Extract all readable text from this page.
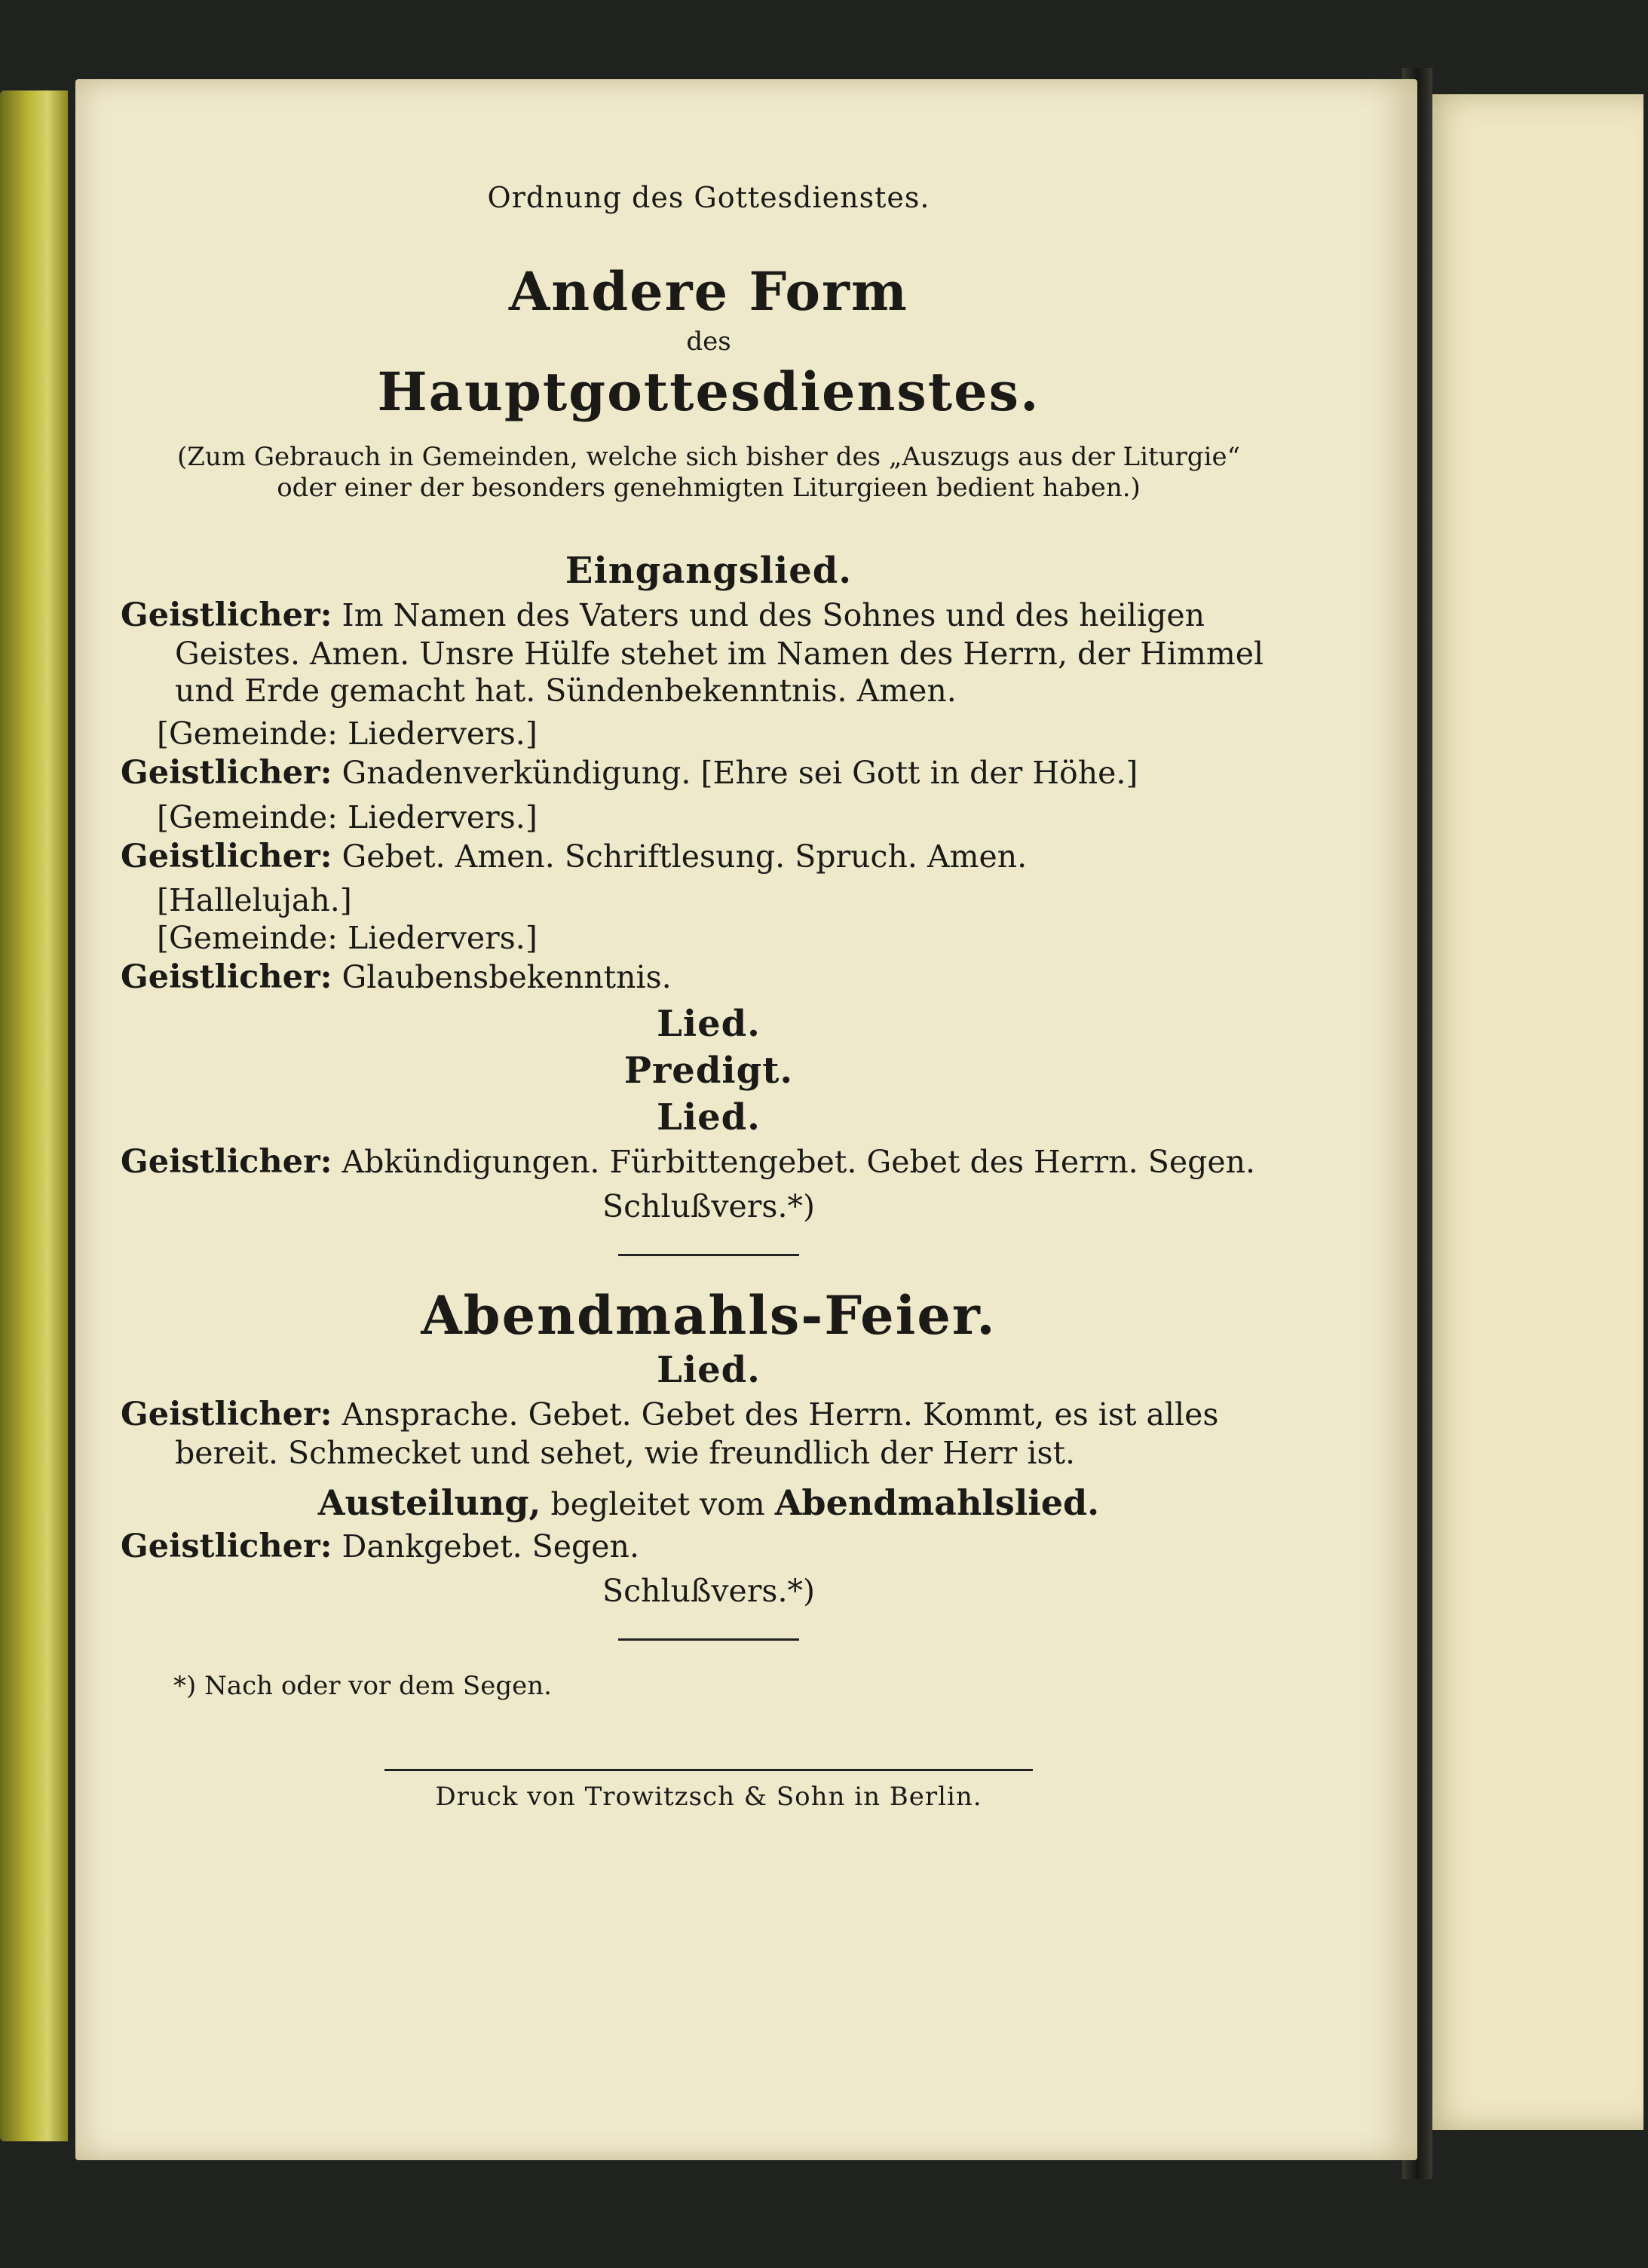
Ordnung des Gottesdienstes.
Andere Form
des
Hauptgottesdienstes.
(Zum Gebrauch in Gemeinden, welche sich bisher des „Auszugs aus der Liturgie“
oder einer der besonders genehmigten Liturgieen bedient haben.)
Eingangslied.
Geistlicher: Im Namen des Vaters und des Sohnes und des heiligen Geistes. Amen. Unsre Hülfe stehet im Namen des Herrn, der Himmel und Erde gemacht hat. Sündenbekenntnis. Amen.
[Gemeinde: Liedervers.]
Geistlicher: Gnadenverkündigung. [Ehre sei Gott in der Höhe.]
[Gemeinde: Liedervers.]
Geistlicher: Gebet. Amen. Schriftlesung. Spruch. Amen.
[Hallelujah.]
[Gemeinde: Liedervers.]
Geistlicher: Glaubensbekenntnis.
Lied.
Predigt.
Lied.
Geistlicher: Abkündigungen. Fürbittengebet. Gebet des Herrn. Segen.
Schlußvers.*)
Abendmahls-Feier.
Lied.
Geistlicher: Ansprache. Gebet. Gebet des Herrn. Kommt, es ist alles bereit. Schmecket und sehet, wie freundlich der Herr ist.
Austeilung, begleitet vom Abendmahlslied.
Geistlicher: Dankgebet. Segen.
Schlußvers.*)
*) Nach oder vor dem Segen.
Druck von Trowitzsch & Sohn in Berlin.
